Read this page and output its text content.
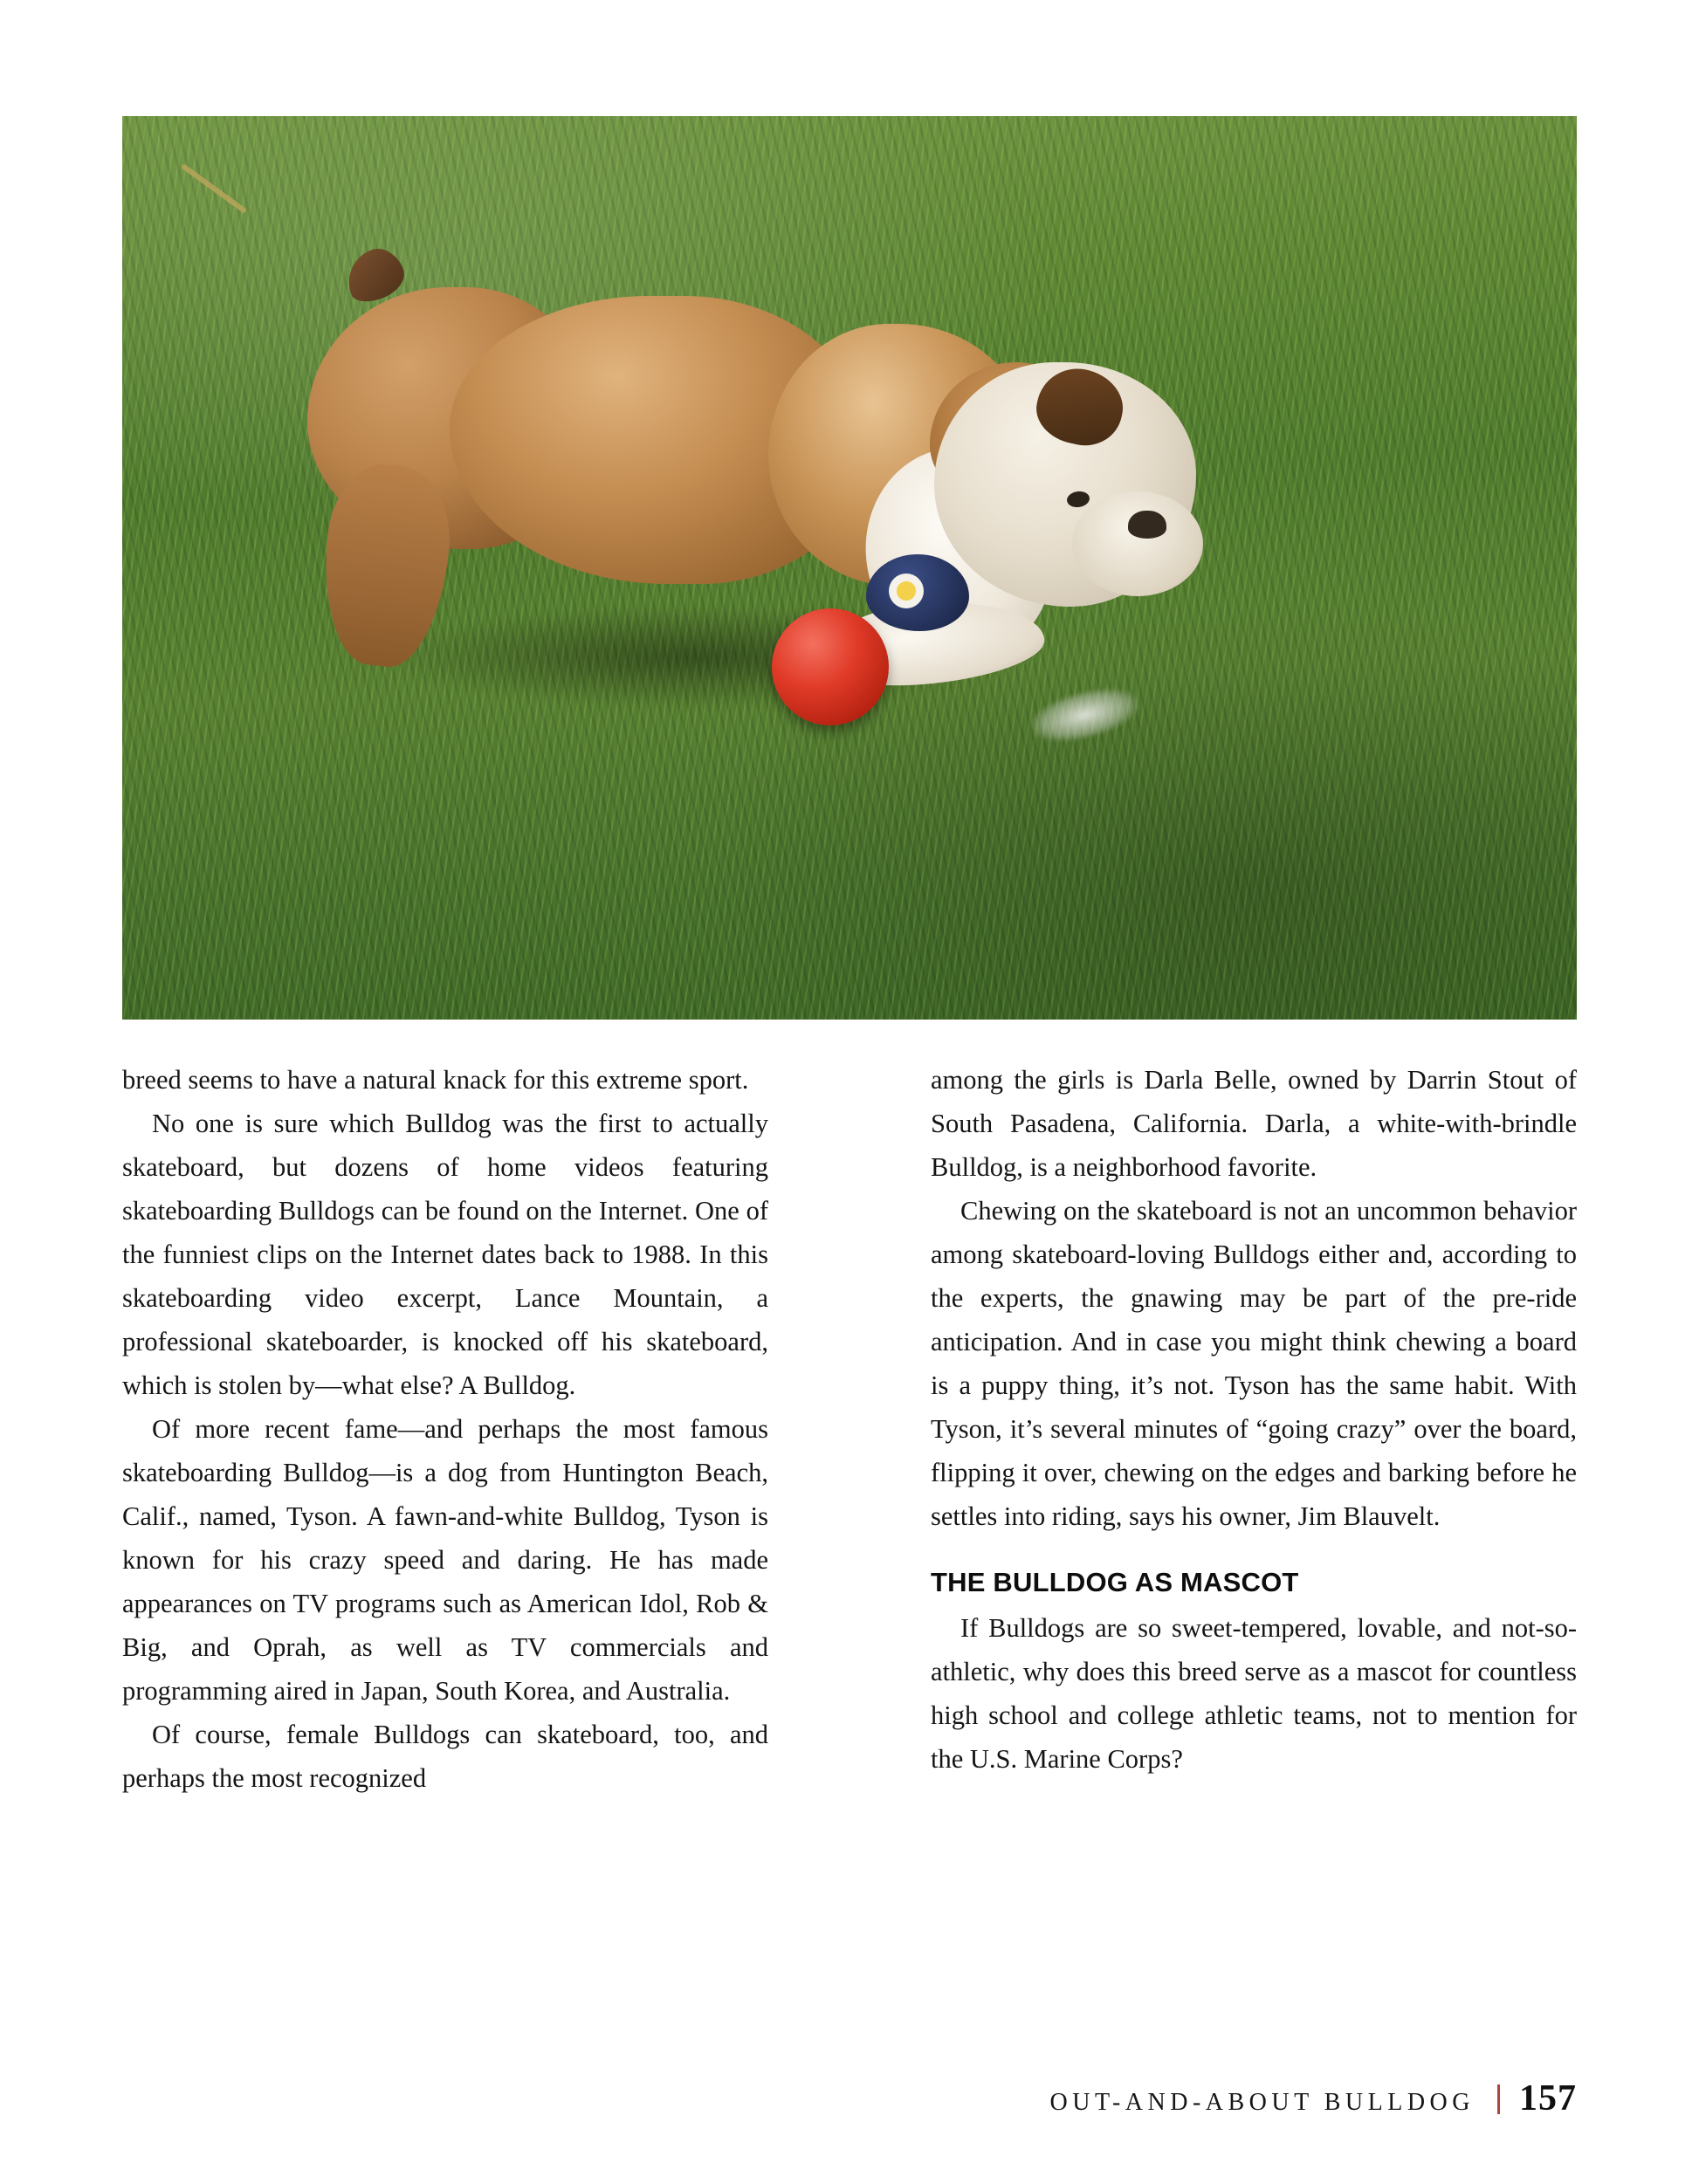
breed seems to have a natural knack for this extreme sport.

No one is sure which Bulldog was the first to actually skateboard, but dozens of home videos featuring skateboarding Bulldogs can be found on the Internet. One of the funniest clips on the Internet dates back to 1988. In this skateboarding video excerpt, Lance Mountain, a professional skateboarder, is knocked off his skateboard, which is stolen by—what else? A Bulldog.

Of more recent fame—and perhaps the most famous skateboarding Bulldog—is a dog from Huntington Beach, Calif., named, Tyson. A fawn-and-white Bulldog, Tyson is known for his crazy speed and daring. He has made appearances on TV programs such as American Idol, Rob & Big, and Oprah, as well as TV commercials and programming aired in Japan, South Korea, and Australia.

Of course, female Bulldogs can skateboard, too, and perhaps the most recognized

among the girls is Darla Belle, owned by Darrin Stout of South Pasadena, California. Darla, a white-with-brindle Bulldog, is a neighborhood favorite.

Chewing on the skateboard is not an uncommon behavior among skateboard-loving Bulldogs either and, according to the experts, the gnawing may be part of the pre-ride anticipation. And in case you might think chewing a board is a puppy thing, it’s not. Tyson has the same habit. With Tyson, it’s several minutes of “going crazy” over the board, flipping it over, chewing on the edges and barking before he settles into riding, says his owner, Jim Blauvelt.

THE BULLDOG AS MASCOT

If Bulldogs are so sweet-tempered, lovable, and not-so-athletic, why does this breed serve as a mascot for countless high school and college athletic teams, not to mention for the U.S. Marine Corps?

OUT-AND-ABOUT BULLDOG 157
